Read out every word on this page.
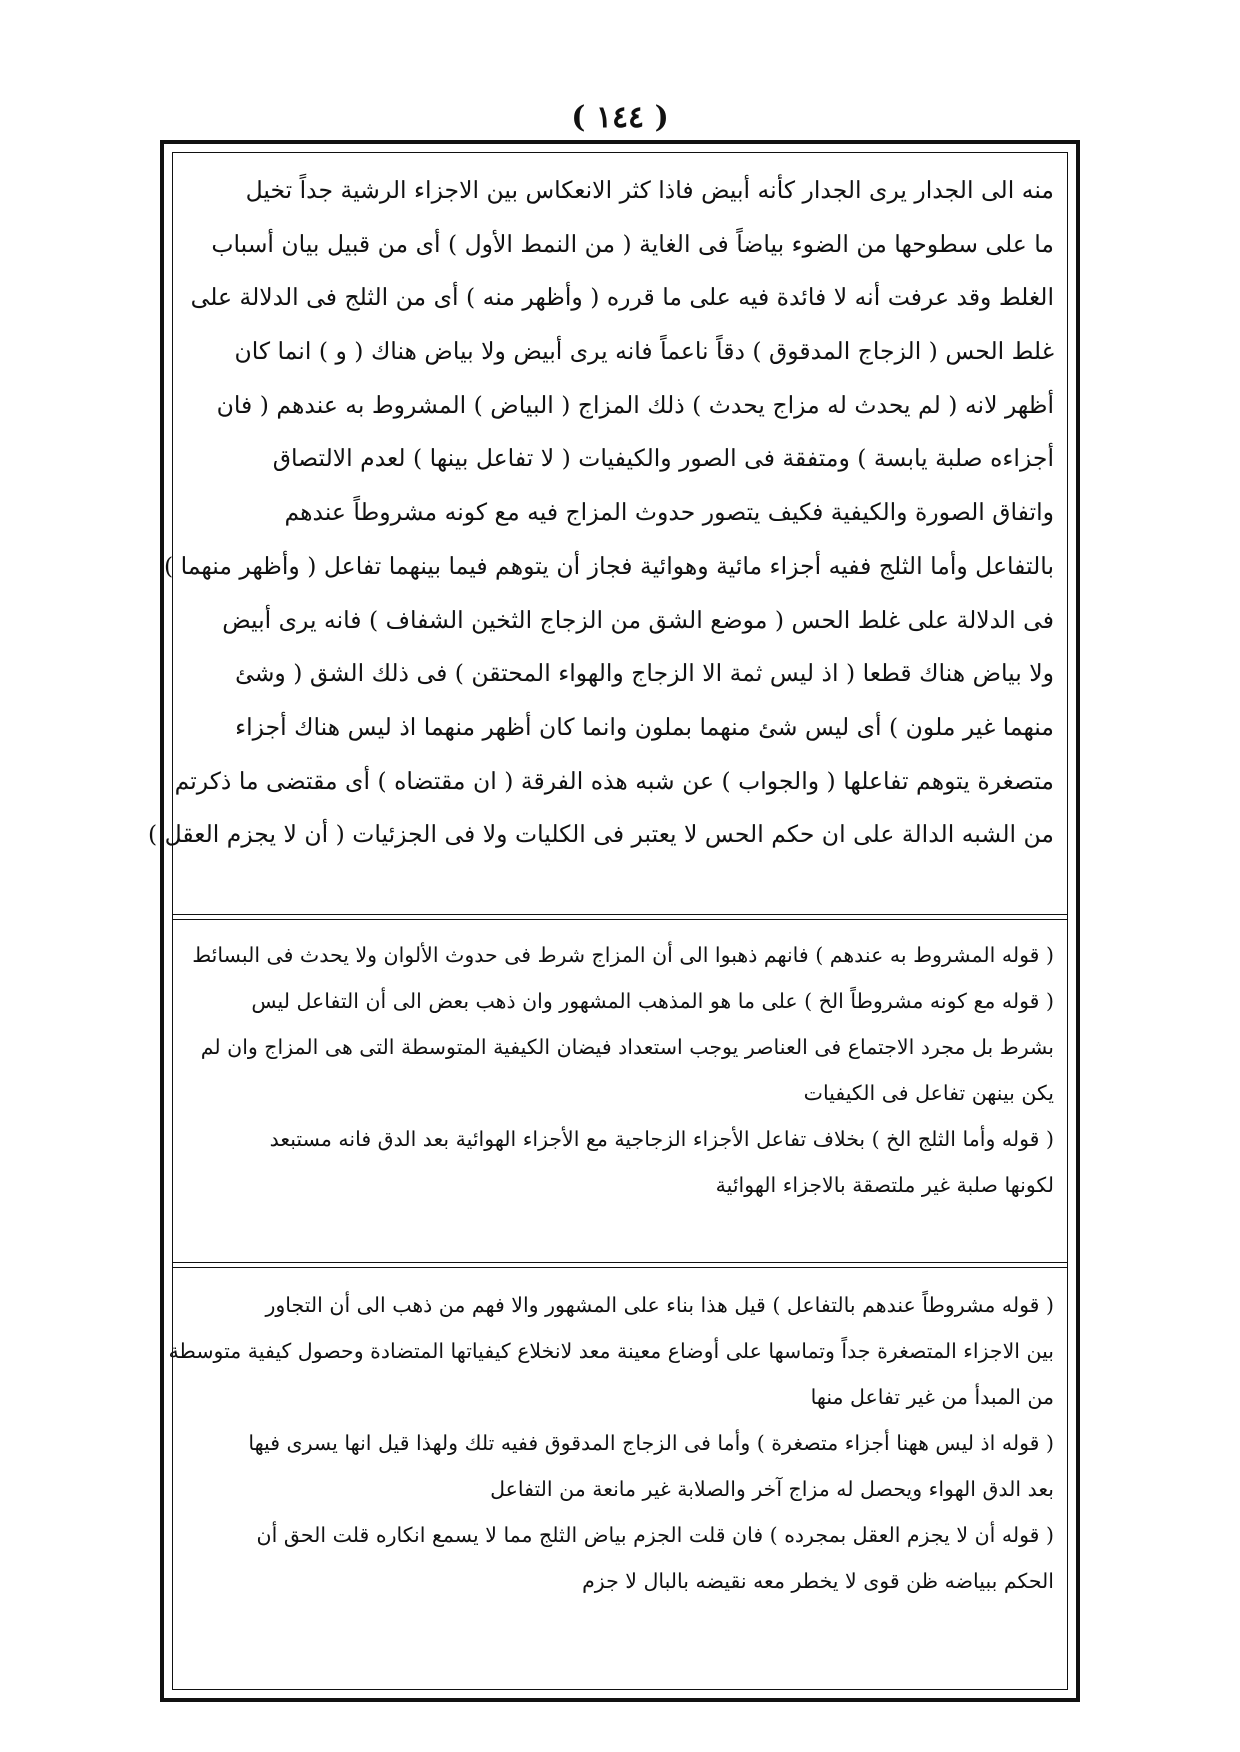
( ١٤٤ )
منه الى الجدار يرى الجدار كأنه أبيض فاذا كثر الانعكاس بين الاجزاء الرشية جداً تخيل
ما على سطوحها من الضوء بياضاً فى الغاية ( من النمط الأول ) أى من قبيل بيان أسباب
الغلط وقد عرفت أنه لا فائدة فيه على ما قرره ( وأظهر منه ) أى من الثلج فى الدلالة على
غلط الحس ( الزجاج المدقوق ) دقاً ناعماً فانه يرى أبيض ولا بياض هناك ( و ) انما كان
أظهر لانه ( لم يحدث له مزاج يحدث ) ذلك المزاج ( البياض ) المشروط به عندهم ( فان
أجزاءه صلبة يابسة ) ومتفقة فى الصور والكيفيات ( لا تفاعل بينها ) لعدم الالتصاق
واتفاق الصورة والكيفية فكيف يتصور حدوث المزاج فيه مع كونه مشروطاً عندهم
بالتفاعل وأما الثلج ففيه أجزاء مائية وهوائية فجاز أن يتوهم فيما بينهما تفاعل ( وأظهر منهما )
فى الدلالة على غلط الحس ( موضع الشق من الزجاج الثخين الشفاف ) فانه يرى أبيض
ولا بياض هناك قطعا ( اذ ليس ثمة الا الزجاج والهواء المحتقن ) فى ذلك الشق ( وشئ
منهما غير ملون ) أى ليس شئ منهما بملون وانما كان أظهر منهما اذ ليس هناك أجزاء
متصغرة يتوهم تفاعلها ( والجواب ) عن شبه هذه الفرقة ( ان مقتضاه ) أى مقتضى ما ذكرتم
من الشبه الدالة على ان حكم الحس لا يعتبر فى الكليات ولا فى الجزئيات ( أن لا يجزم العقل )
( قوله المشروط به عندهم ) فانهم ذهبوا الى أن المزاج شرط فى حدوث الألوان ولا يحدث فى البسائط
( قوله مع كونه مشروطاً الخ ) على ما هو المذهب المشهور وان ذهب بعض الى أن التفاعل ليس
بشرط بل مجرد الاجتماع فى العناصر يوجب استعداد فيضان الكيفية المتوسطة التى هى المزاج وان لم
يكن بينهن تفاعل فى الكيفيات
( قوله وأما الثلج الخ ) بخلاف تفاعل الأجزاء الزجاجية مع الأجزاء الهوائية بعد الدق فانه مستبعد
لكونها صلبة غير ملتصقة بالاجزاء الهوائية
( قوله مشروطاً عندهم بالتفاعل ) قيل هذا بناء على المشهور والا فهم من ذهب الى أن التجاور
بين الاجزاء المتصغرة جداً وتماسها على أوضاع معينة معد لانخلاع كيفياتها المتضادة وحصول كيفية متوسطة
من المبدأ من غير تفاعل منها
( قوله اذ ليس ههنا أجزاء متصغرة ) وأما فى الزجاج المدقوق ففيه تلك ولهذا قيل انها يسرى فيها
بعد الدق الهواء ويحصل له مزاج آخر والصلابة غير مانعة من التفاعل
( قوله أن لا يجزم العقل بمجرده ) فان قلت الجزم بياض الثلج مما لا يسمع انكاره قلت الحق أن
الحكم ببياضه ظن قوى لا يخطر معه نقيضه بالبال لا جزم
